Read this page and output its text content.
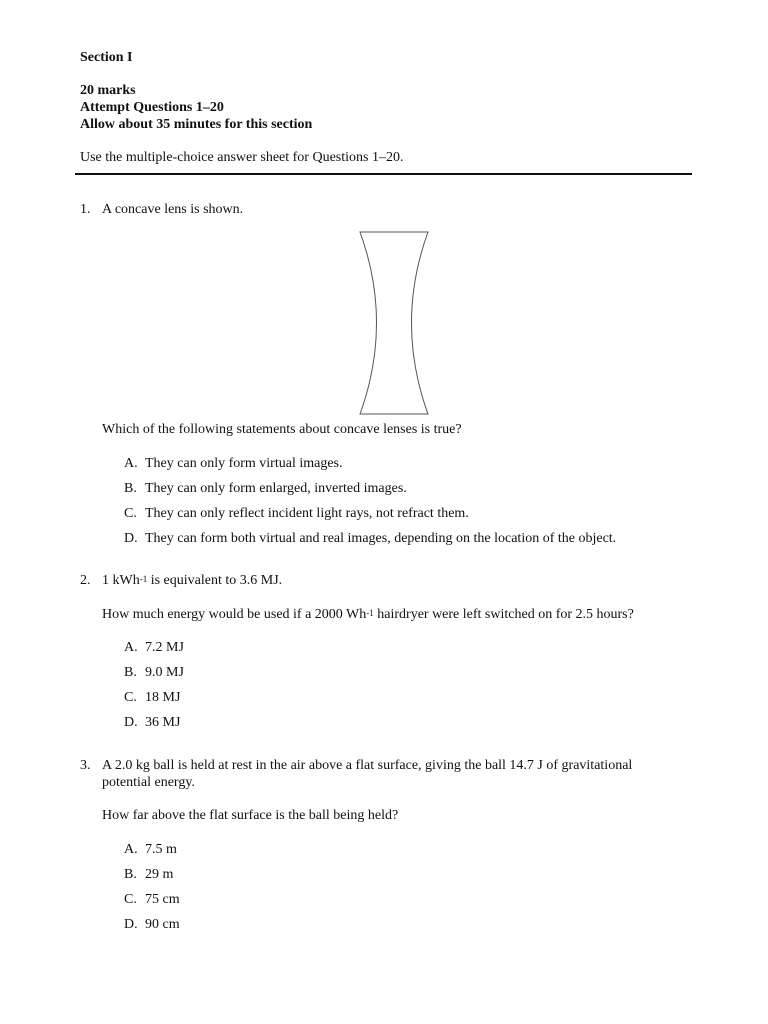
Section I
20 marks
Attempt Questions 1–20
Allow about 35 minutes for this section
Use the multiple-choice answer sheet for Questions 1–20.
1. A concave lens is shown.
Which of the following statements about concave lenses is true?
A. They can only form virtual images.
B. They can only form enlarged, inverted images.
C. They can only reflect incident light rays, not refract them.
D. They can form both virtual and real images, depending on the location of the object.
2. 1 kWh$^{-1}$ is equivalent to 3.6 MJ.
How much energy would be used if a 2000 $Wh^{-1}$ hairdryer were left switched on for 2.5 hours?
A. 7.2 MJ
B. 9.0 MJ
C. 18 MJ
D. 36 MJ
3. A 2.0 kg ball is held at rest in the air above a flat surface, giving the ball 14.7 J of gravitational
potential energy.
How far above the flat surface is the ball being held?
A. 7.5 m
B. 29 m
C. 75 cm
D. 90 cm
